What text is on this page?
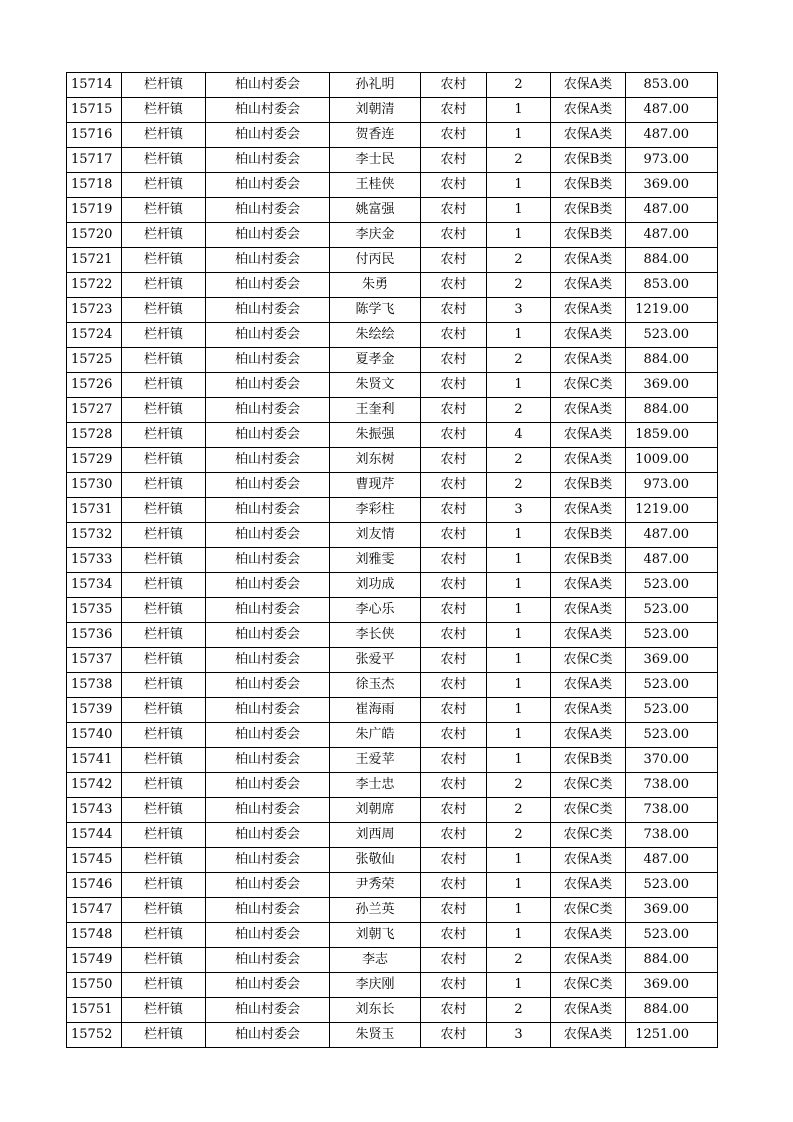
15714	栏杆镇	柏山村委会	孙礼明	农村	2	农保A类	853.00
15715	栏杆镇	柏山村委会	刘朝清	农村	1	农保A类	487.00
15716	栏杆镇	柏山村委会	贺香连	农村	1	农保A类	487.00
15717	栏杆镇	柏山村委会	李士民	农村	2	农保B类	973.00
15718	栏杆镇	柏山村委会	王桂侠	农村	1	农保B类	369.00
15719	栏杆镇	柏山村委会	姚富强	农村	1	农保B类	487.00
15720	栏杆镇	柏山村委会	李庆金	农村	1	农保B类	487.00
15721	栏杆镇	柏山村委会	付丙民	农村	2	农保A类	884.00
15722	栏杆镇	柏山村委会	朱勇	农村	2	农保A类	853.00
15723	栏杆镇	柏山村委会	陈学飞	农村	3	农保A类	1219.00
15724	栏杆镇	柏山村委会	朱绘绘	农村	1	农保A类	523.00
15725	栏杆镇	柏山村委会	夏孝金	农村	2	农保A类	884.00
15726	栏杆镇	柏山村委会	朱贤文	农村	1	农保C类	369.00
15727	栏杆镇	柏山村委会	王奎利	农村	2	农保A类	884.00
15728	栏杆镇	柏山村委会	朱振强	农村	4	农保A类	1859.00
15729	栏杆镇	柏山村委会	刘东树	农村	2	农保A类	1009.00
15730	栏杆镇	柏山村委会	曹现芹	农村	2	农保B类	973.00
15731	栏杆镇	柏山村委会	李彩柱	农村	3	农保A类	1219.00
15732	栏杆镇	柏山村委会	刘友情	农村	1	农保B类	487.00
15733	栏杆镇	柏山村委会	刘雅雯	农村	1	农保B类	487.00
15734	栏杆镇	柏山村委会	刘功成	农村	1	农保A类	523.00
15735	栏杆镇	柏山村委会	李心乐	农村	1	农保A类	523.00
15736	栏杆镇	柏山村委会	李长侠	农村	1	农保A类	523.00
15737	栏杆镇	柏山村委会	张爱平	农村	1	农保C类	369.00
15738	栏杆镇	柏山村委会	徐玉杰	农村	1	农保A类	523.00
15739	栏杆镇	柏山村委会	崔海雨	农村	1	农保A类	523.00
15740	栏杆镇	柏山村委会	朱广皓	农村	1	农保A类	523.00
15741	栏杆镇	柏山村委会	王爱苹	农村	1	农保B类	370.00
15742	栏杆镇	柏山村委会	李士忠	农村	2	农保C类	738.00
15743	栏杆镇	柏山村委会	刘朝席	农村	2	农保C类	738.00
15744	栏杆镇	柏山村委会	刘西周	农村	2	农保C类	738.00
15745	栏杆镇	柏山村委会	张敬仙	农村	1	农保A类	487.00
15746	栏杆镇	柏山村委会	尹秀荣	农村	1	农保A类	523.00
15747	栏杆镇	柏山村委会	孙兰英	农村	1	农保C类	369.00
15748	栏杆镇	柏山村委会	刘朝飞	农村	1	农保A类	523.00
15749	栏杆镇	柏山村委会	李志	农村	2	农保A类	884.00
15750	栏杆镇	柏山村委会	李庆刚	农村	1	农保C类	369.00
15751	栏杆镇	柏山村委会	刘东长	农村	2	农保A类	884.00
15752	栏杆镇	柏山村委会	朱贤玉	农村	3	农保A类	1251.00
